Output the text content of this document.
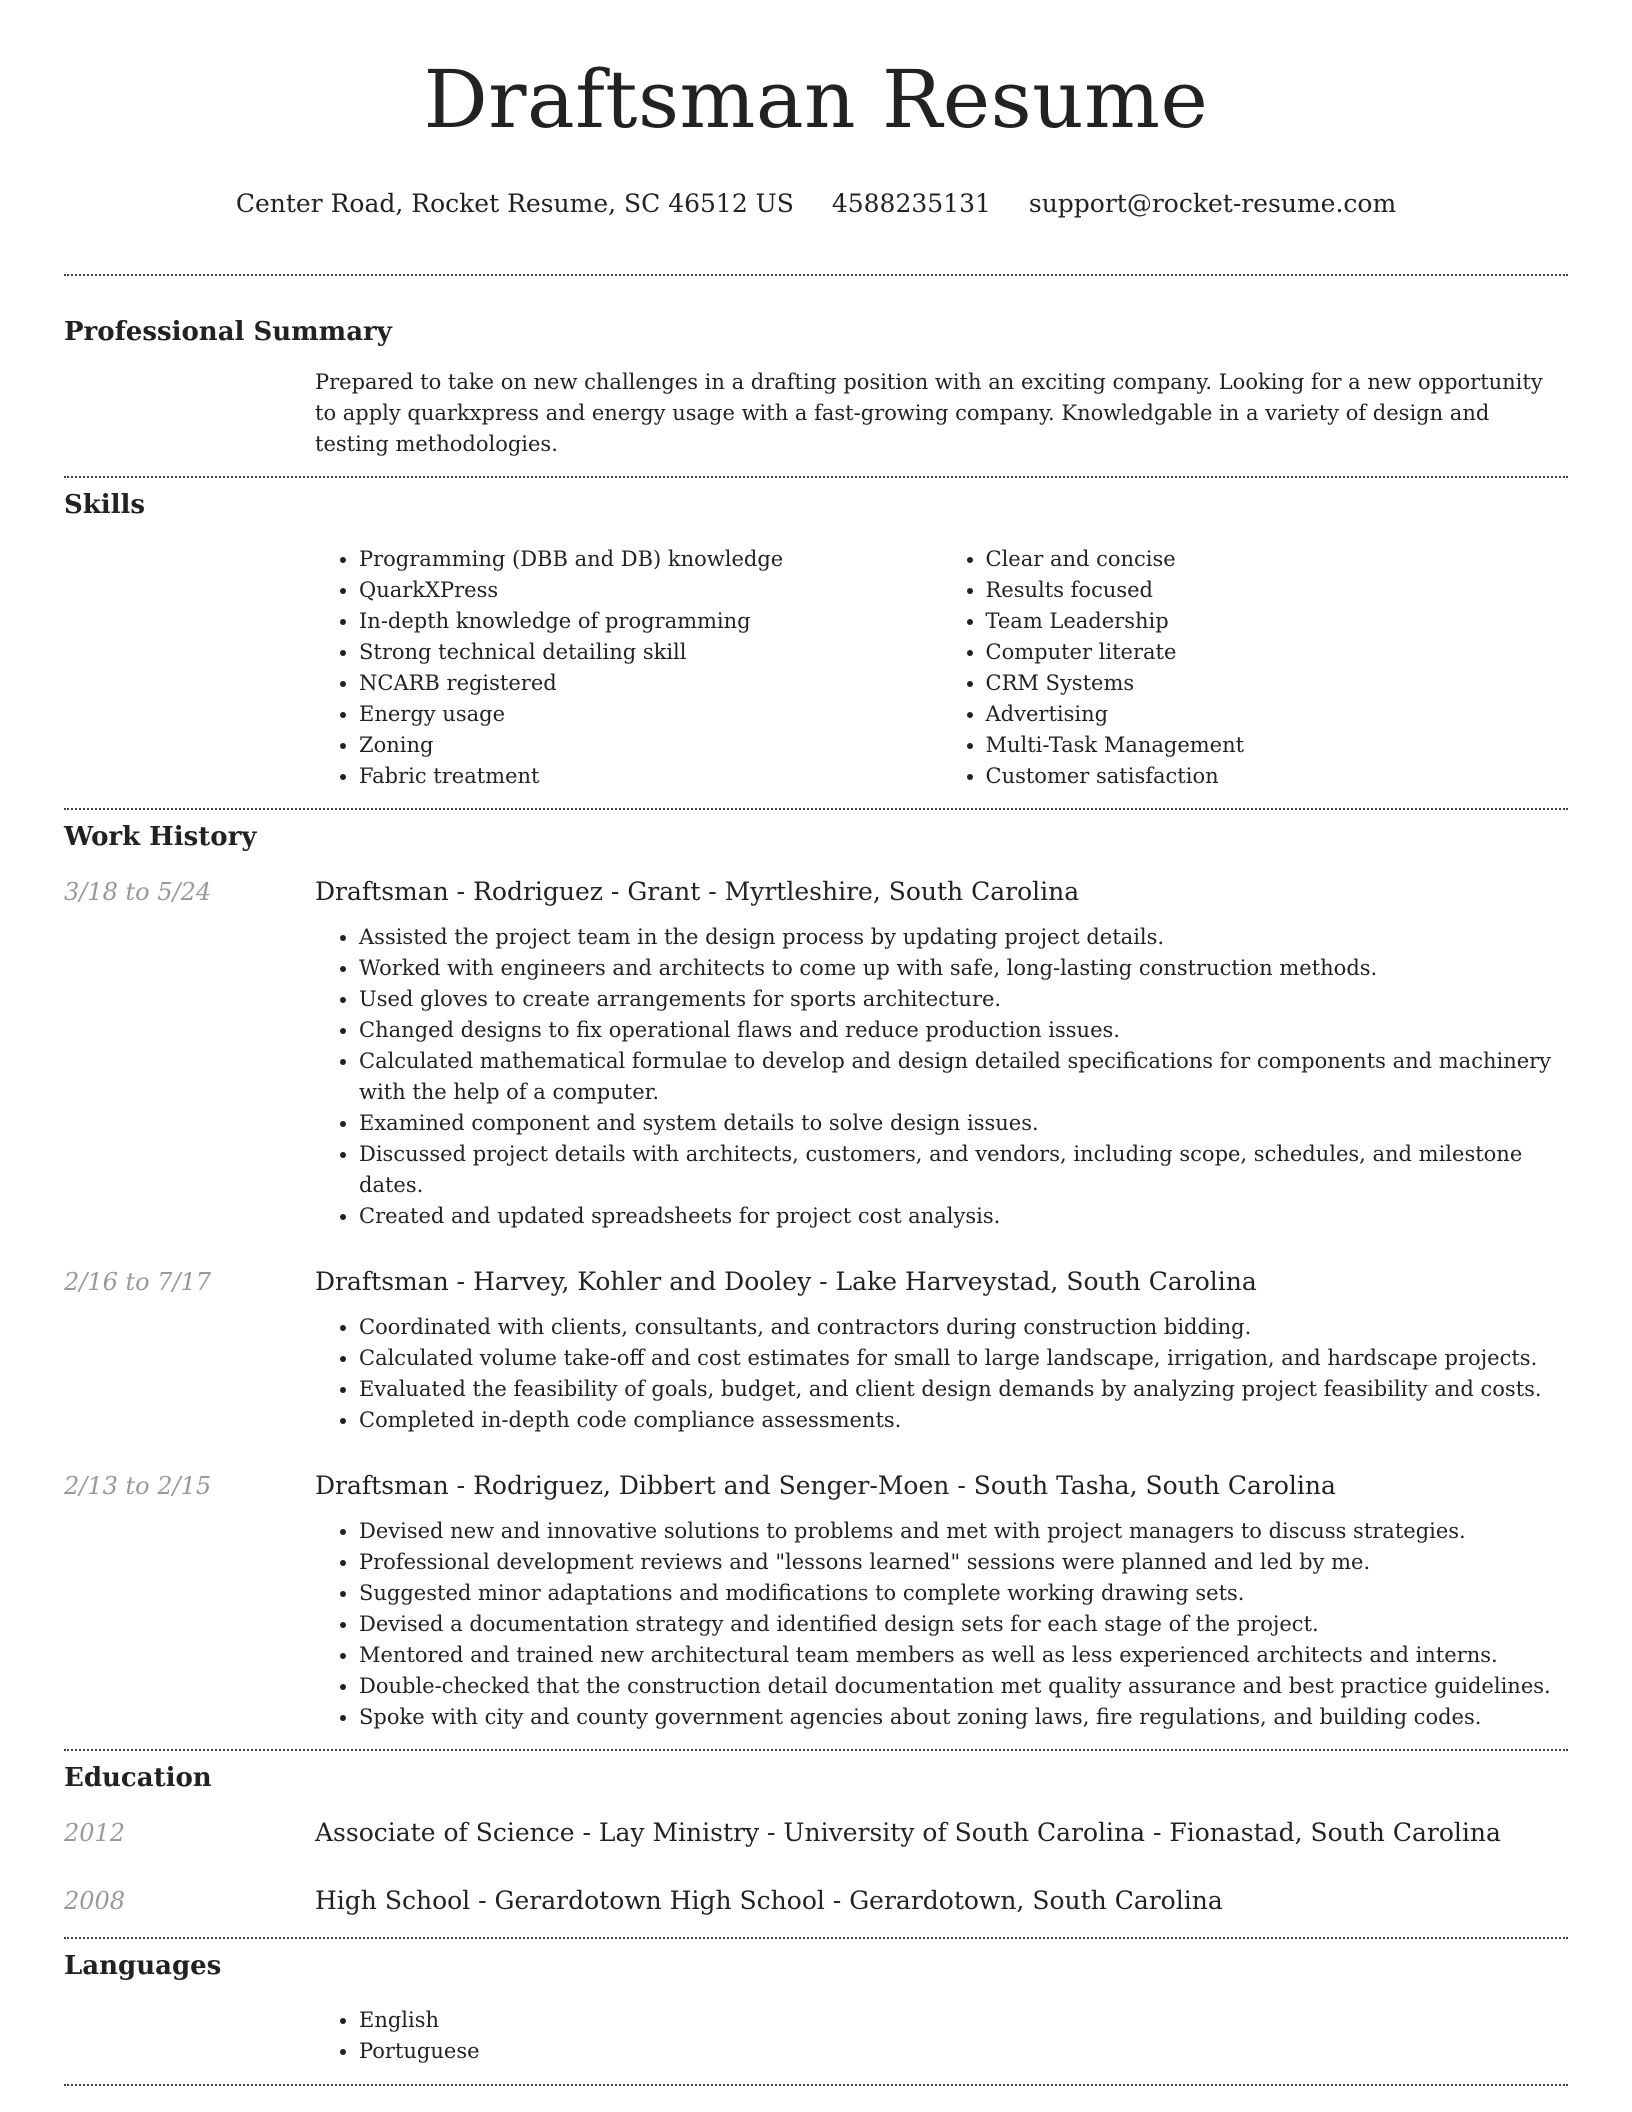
Draftsman Resume
Center Road, Rocket Resume, SC 46512 US 4588235131 support@rocket-resume.com
Professional Summary

Prepared to take on new challenges in a drafting position with an exciting company. Looking for a new opportunity to apply quarkxpress and energy usage with a fast-growing company. Knowledgable in a variety of design and testing methodologies.

Skills
• Programming (DBB and DB) knowledge
• QuarkXPress
• In-depth knowledge of programming
• Strong technical detailing skill
• NCARB registered
• Energy usage
• Zoning
• Fabric treatment
• Clear and concise
• Results focused
• Team Leadership
• Computer literate
• CRM Systems
• Advertising
• Multi-Task Management
• Customer satisfaction
Work History
3/18 to 5/24	Draftsman - Rodriguez - Grant - Myrtleshire, South Carolina
• Assisted the project team in the design process by updating project details.
• Worked with engineers and architects to come up with safe, long-lasting construction methods.
• Used gloves to create arrangements for sports architecture.
• Changed designs to fix operational flaws and reduce production issues.
• Calculated mathematical formulae to develop and design detailed specifications for components and machinery with the help of a computer.
• Examined component and system details to solve design issues.
• Discussed project details with architects, customers, and vendors, including scope, schedules, and milestone dates.
• Created and updated spreadsheets for project cost analysis.
2/16 to 7/17	Draftsman - Harvey, Kohler and Dooley - Lake Harveystad, South Carolina
• Coordinated with clients, consultants, and contractors during construction bidding.
• Calculated volume take-off and cost estimates for small to large landscape, irrigation, and hardscape projects.
• Evaluated the feasibility of goals, budget, and client design demands by analyzing project feasibility and costs.
• Completed in-depth code compliance assessments.
2/13 to 2/15	Draftsman - Rodriguez, Dibbert and Senger-Moen - South Tasha, South Carolina
• Devised new and innovative solutions to problems and met with project managers to discuss strategies.
• Professional development reviews and "lessons learned" sessions were planned and led by me.
• Suggested minor adaptations and modifications to complete working drawing sets.
• Devised a documentation strategy and identified design sets for each stage of the project.
• Mentored and trained new architectural team members as well as less experienced architects and interns.
• Double-checked that the construction detail documentation met quality assurance and best practice guidelines.
• Spoke with city and county government agencies about zoning laws, fire regulations, and building codes.
Education
2012	Associate of Science - Lay Ministry - University of South Carolina - Fionastad, South Carolina
2008	High School - Gerardotown High School - Gerardotown, South Carolina
Languages
• English
• Portuguese
